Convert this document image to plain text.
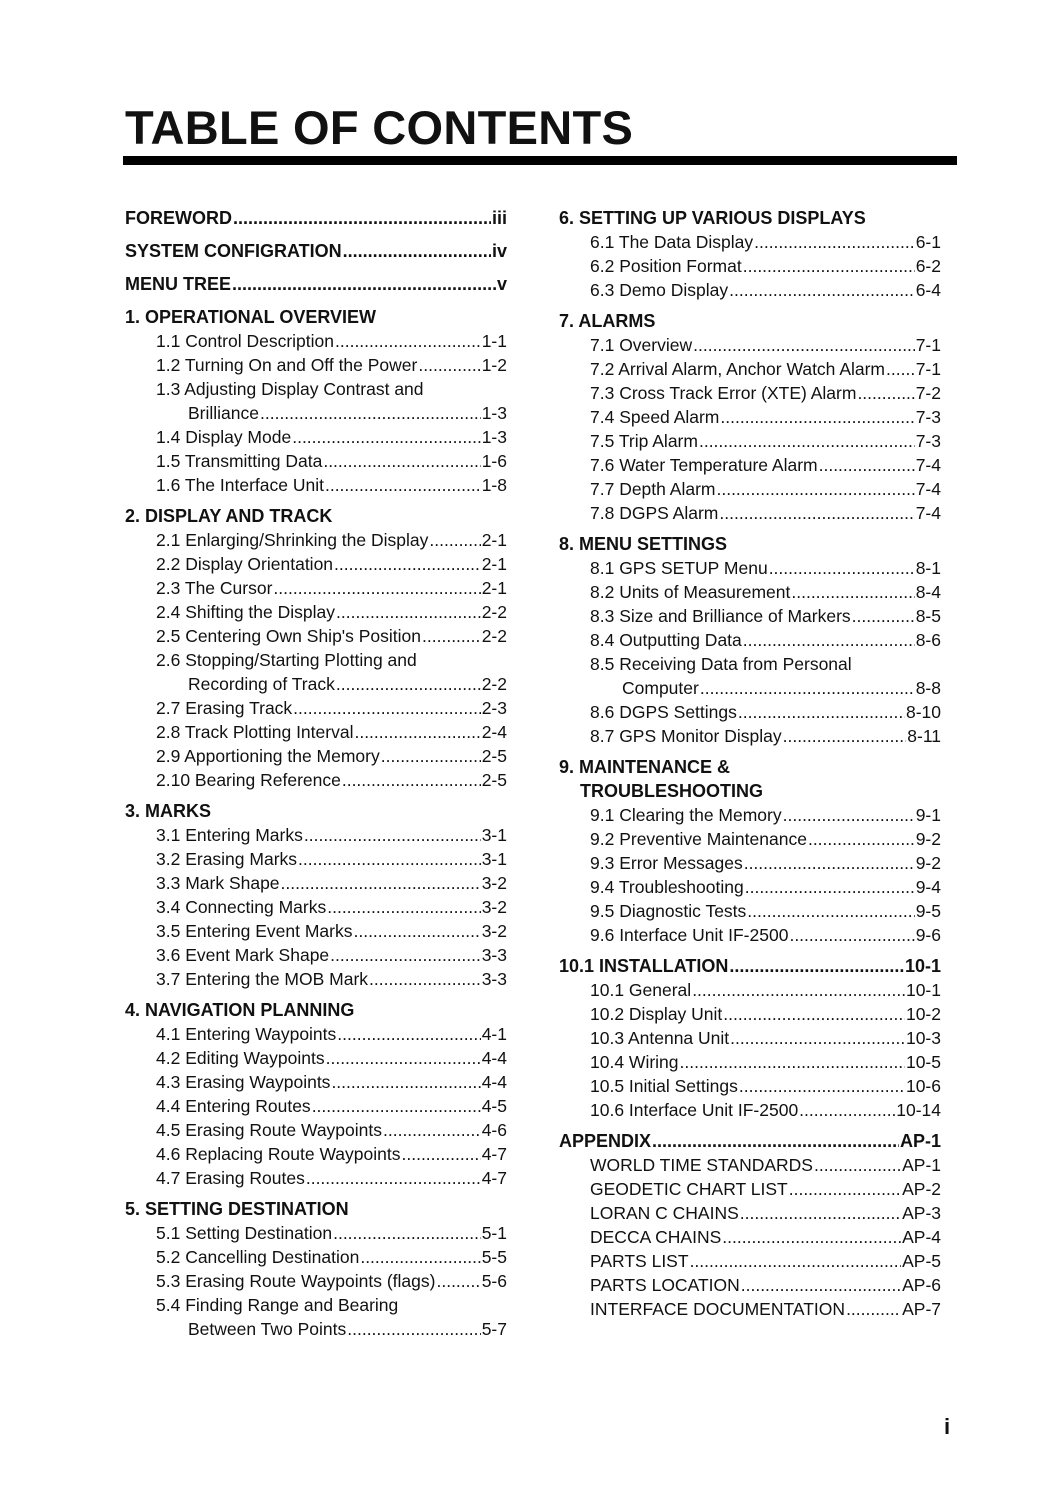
TABLE OF CONTENTS
FOREWORD .....	iii
SYSTEM CONFIGRATION .....	iv
MENU TREE .....	v
1. OPERATIONAL OVERVIEW
1.1 Control Description .....	1-1
1.2 Turning On and Off the Power .....	1-2
1.3 Adjusting Display Contrast and
Brilliance .....	1-3
1.4 Display Mode .....	1-3
1.5 Transmitting Data .....	1-6
1.6 The Interface Unit .....	1-8
2. DISPLAY AND TRACK
2.1 Enlarging/Shrinking the Display .....	2-1
2.2 Display Orientation .....	2-1
2.3 The Cursor .....	2-1
2.4 Shifting the Display .....	2-2
2.5 Centering Own Ship's Position .....	2-2
2.6 Stopping/Starting Plotting and
Recording of Track .....	2-2
2.7 Erasing Track .....	2-3
2.8 Track Plotting Interval .....	2-4
2.9 Apportioning the Memory .....	2-5
2.10 Bearing Reference .....	2-5
3. MARKS
3.1 Entering Marks .....	3-1
3.2 Erasing Marks .....	3-1
3.3 Mark Shape .....	3-2
3.4 Connecting Marks .....	3-2
3.5 Entering Event Marks .....	3-2
3.6 Event Mark Shape .....	3-3
3.7 Entering the MOB Mark .....	3-3
4. NAVIGATION PLANNING
4.1 Entering Waypoints .....	4-1
4.2 Editing Waypoints .....	4-4
4.3 Erasing Waypoints .....	4-4
4.4 Entering Routes .....	4-5
4.5 Erasing Route Waypoints .....	4-6
4.6 Replacing Route Waypoints .....	4-7
4.7 Erasing Routes .....	4-7
5. SETTING DESTINATION
5.1 Setting Destination .....	5-1
5.2 Cancelling Destination .....	5-5
5.3 Erasing Route Waypoints (flags) .....	5-6
5.4 Finding Range and Bearing
Between Two Points .....	5-7
6. SETTING UP VARIOUS DISPLAYS
6.1 The Data Display .....	6-1
6.2 Position Format .....	6-2
6.3 Demo Display .....	6-4
7. ALARMS
7.1 Overview .....	7-1
7.2 Arrival Alarm, Anchor Watch Alarm ..... 7-1
7.3 Cross Track Error (XTE) Alarm .....	7-2
7.4 Speed Alarm .....	7-3
7.5 Trip Alarm .....	7-3
7.6 Water Temperature Alarm .....	7-4
7.7 Depth Alarm .....	7-4
7.8 DGPS Alarm .....	7-4
8. MENU SETTINGS
8.1 GPS SETUP Menu .....	8-1
8.2 Units of Measurement .....	8-4
8.3 Size and Brilliance of Markers .....	8-5
8.4 Outputting Data .....	8-6
8.5 Receiving Data from Personal
Computer .....	8-8
8.6 DGPS Settings .....	8-10
8.7 GPS Monitor Display .....	8-11
9. MAINTENANCE &
TROUBLESHOOTING
9.1 Clearing the Memory .....	9-1
9.2 Preventive Maintenance .....	9-2
9.3 Error Messages .....	9-2
9.4 Troubleshooting .....	9-4
9.5 Diagnostic Tests .....	9-5
9.6 Interface Unit IF-2500 .....	9-6
10.1 INSTALLATION .....	10-1
10.1 General .....	10-1
10.2 Display Unit .....	10-2
10.3 Antenna Unit .....	10-3
10.4 Wiring .....	10-5
10.5 Initial Settings .....	10-6
10.6 Interface Unit IF-2500 .....	10-14
APPENDIX .....	AP-1
WORLD TIME STANDARDS .....	AP-1
GEODETIC CHART LIST .....	AP-2
LORAN C CHAINS .....	AP-3
DECCA CHAINS .....	AP-4
PARTS LIST .....	AP-5
PARTS LOCATION .....	AP-6
INTERFACE DOCUMENTATION .....	AP-7
i
